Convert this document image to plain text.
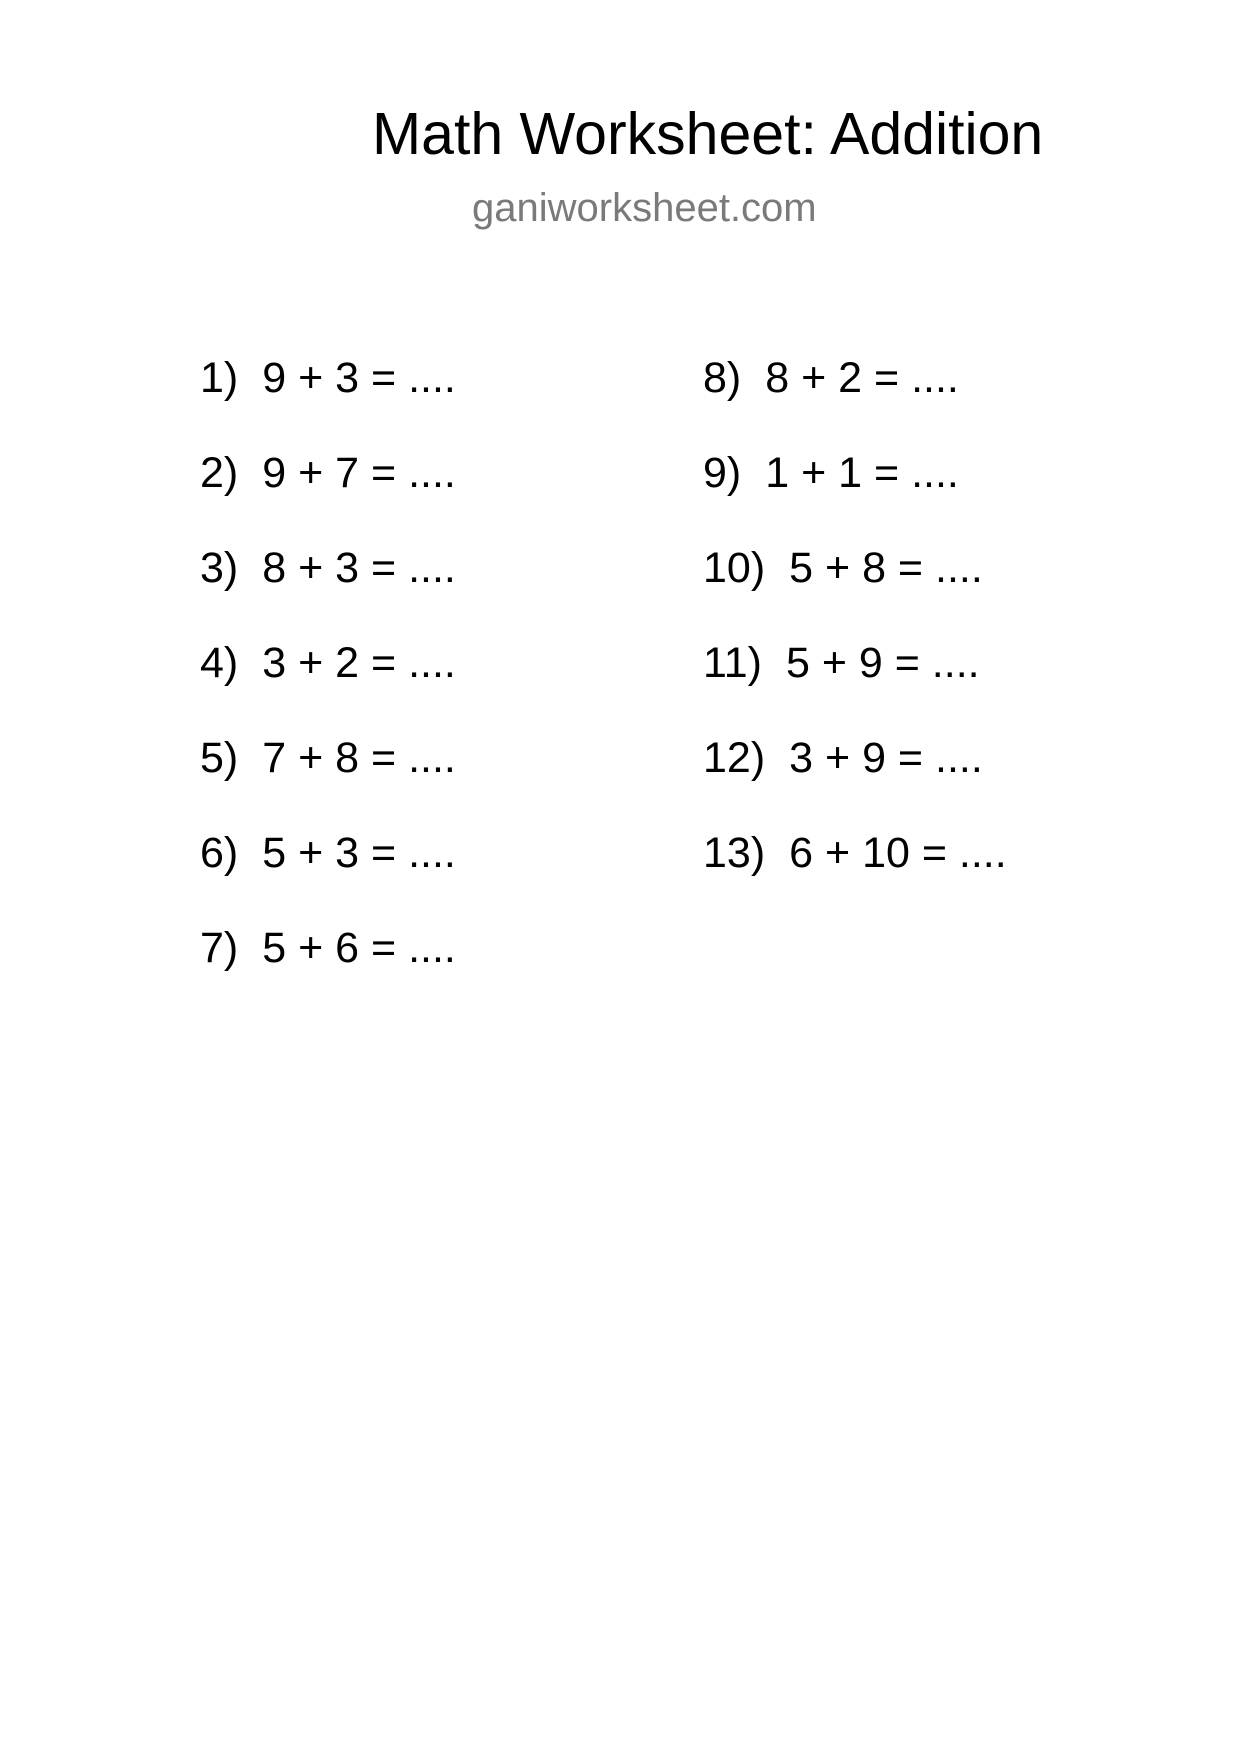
Math Worksheet: Addition
ganiworksheet.com
1) 9 + 3 = ....
2) 9 + 7 = ....
3) 8 + 3 = ....
4) 3 + 2 = ....
5) 7 + 8 = ....
6) 5 + 3 = ....
7) 5 + 6 = ....
8) 8 + 2 = ....
9) 1 + 1 = ....
10) 5 + 8 = ....
11) 5 + 9 = ....
12) 3 + 9 = ....
13) 6 + 10 = ....
